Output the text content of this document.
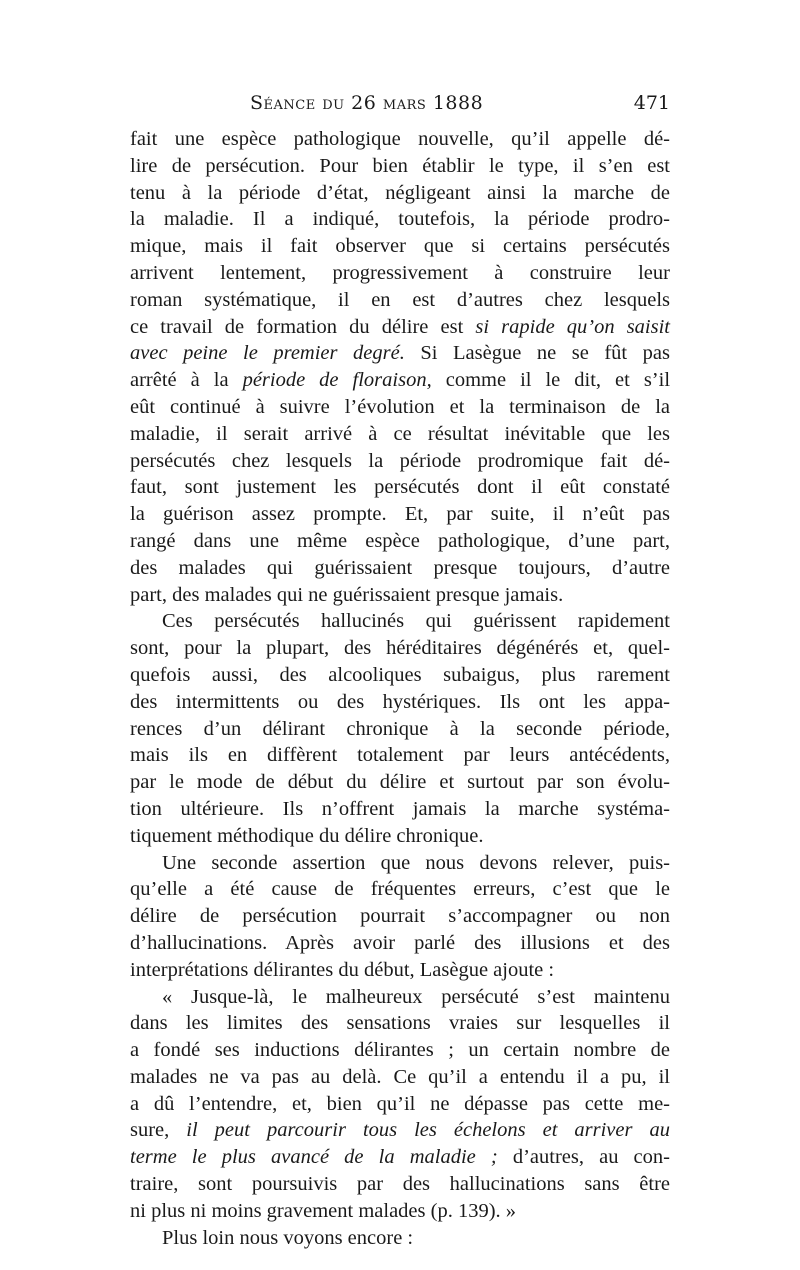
Séance du 26 mars 1888	471

fait une espèce pathologique nouvelle, qu’il appelle dé-
lire de persécution. Pour bien établir le type, il s’en est
tenu à la période d’état, négligeant ainsi la marche de
la maladie. Il a indiqué, toutefois, la période prodro-
mique, mais il fait observer que si certains persécutés
arrivent lentement, progressivement à construire leur
roman systématique, il en est d’autres chez lesquels
ce travail de formation du délire est si rapide qu’on saisit
avec peine le premier degré. Si Lasègue ne se fût pas
arrêté à la période de floraison, comme il le dit, et s’il
eût continué à suivre l’évolution et la terminaison de la
maladie, il serait arrivé à ce résultat inévitable que les
persécutés chez lesquels la période prodromique fait dé-
faut, sont justement les persécutés dont il eût constaté
la guérison assez prompte. Et, par suite, il n’eût pas
rangé dans une même espèce pathologique, d’une part,
des malades qui guérissaient presque toujours, d’autre
part, des malades qui ne guérissaient presque jamais.

Ces persécutés hallucinés qui guérissent rapidement
sont, pour la plupart, des héréditaires dégénérés et, quel-
quefois aussi, des alcooliques subaigus, plus rarement
des intermittents ou des hystériques. Ils ont les appa-
rences d’un délirant chronique à la seconde période,
mais ils en diffèrent totalement par leurs antécédents,
par le mode de début du délire et surtout par son évolu-
tion ultérieure. Ils n’offrent jamais la marche systéma-
tiquement méthodique du délire chronique.

Une seconde assertion que nous devons relever, puis-
qu’elle a été cause de fréquentes erreurs, c’est que le
délire de persécution pourrait s’accompagner ou non
d’hallucinations. Après avoir parlé des illusions et des
interprétations délirantes du début, Lasègue ajoute :

« Jusque-là, le malheureux persécuté s’est maintenu
dans les limites des sensations vraies sur lesquelles il
a fondé ses inductions délirantes ; un certain nombre de
malades ne va pas au delà. Ce qu’il a entendu il a pu, il
a dû l’entendre, et, bien qu’il ne dépasse pas cette me-
sure, il peut parcourir tous les échelons et arriver au
terme le plus avancé de la maladie ; d’autres, au con-
traire, sont poursuivis par des hallucinations sans être
ni plus ni moins gravement malades (p. 139). »

Plus loin nous voyons encore :
